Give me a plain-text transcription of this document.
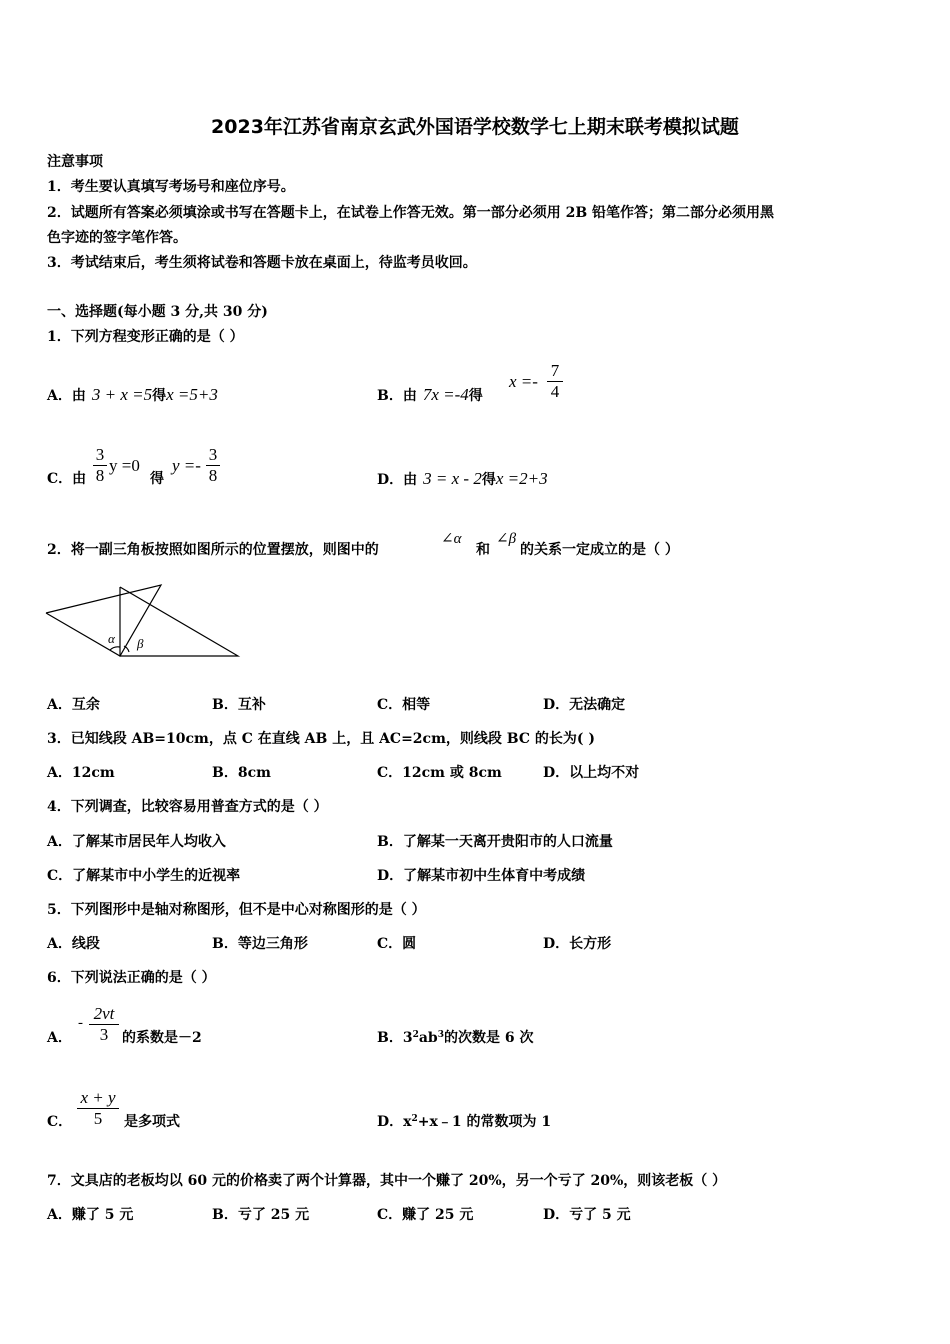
2023年江苏省南京玄武外国语学校数学七上期末联考模拟试题
注意事项
1．考生要认真填写考场号和座位序号。
2．试题所有答案必须填涂或书写在答题卡上，在试卷上作答无效。第一部分必须用 2B 铅笔作答；第二部分必须用黑
色字迹的签字笔作答。
3．考试结束后，考生须将试卷和答题卡放在桌面上，待监考员收回。
一、选择题(每小题 3 分,共 30 分)
1．下列方程变形正确的是（ ）
A．由 3 + x =5得x =5+3	B．由 7x =-4得
x =-
7
4
C．由
3
8
y =0
得
y =-
3
8	D．由 3 = x - 2得x =2+3
2．将一副三角板按照如图所示的位置摆放，则图中的
∠α
和
∠β
的关系一定成立的是（ ）
α β
A．互余	B．互补	C．相等	D．无法确定
3．已知线段 AB=10cm，点 C 在直线 AB 上，且 AC=2cm，则线段 BC 的长为( )
A．12cm	B．8cm	C．12cm 或 8cm	D．以上均不对
4．下列调查，比较容易用普查方式的是（ ）
A．了解某市居民年人均收入	B．了解某一天离开贵阳市的人口流量
C．了解某市中小学生的近视率	D．了解某市初中生体育中考成绩
5．下列图形中是轴对称图形，但不是中心对称图形的是（ ）
A．线段	B．等边三角形	C．圆	D．长方形
6．下列说法正确的是（ ）
A．
- 2vt
3 的系数是－2	B．$3^2ab^3$的次数是 6 次
C．
x + y
5	是多项式	D．$x^2+x﹣1$ 的常数项为 1
7．文具店的老板均以 60 元的价格卖了两个计算器，其中一个赚了 20%，另一个亏了 20%，则该老板（ ）
A．赚了 5 元	B．亏了 25 元	C．赚了 25 元	D．亏了 5 元
